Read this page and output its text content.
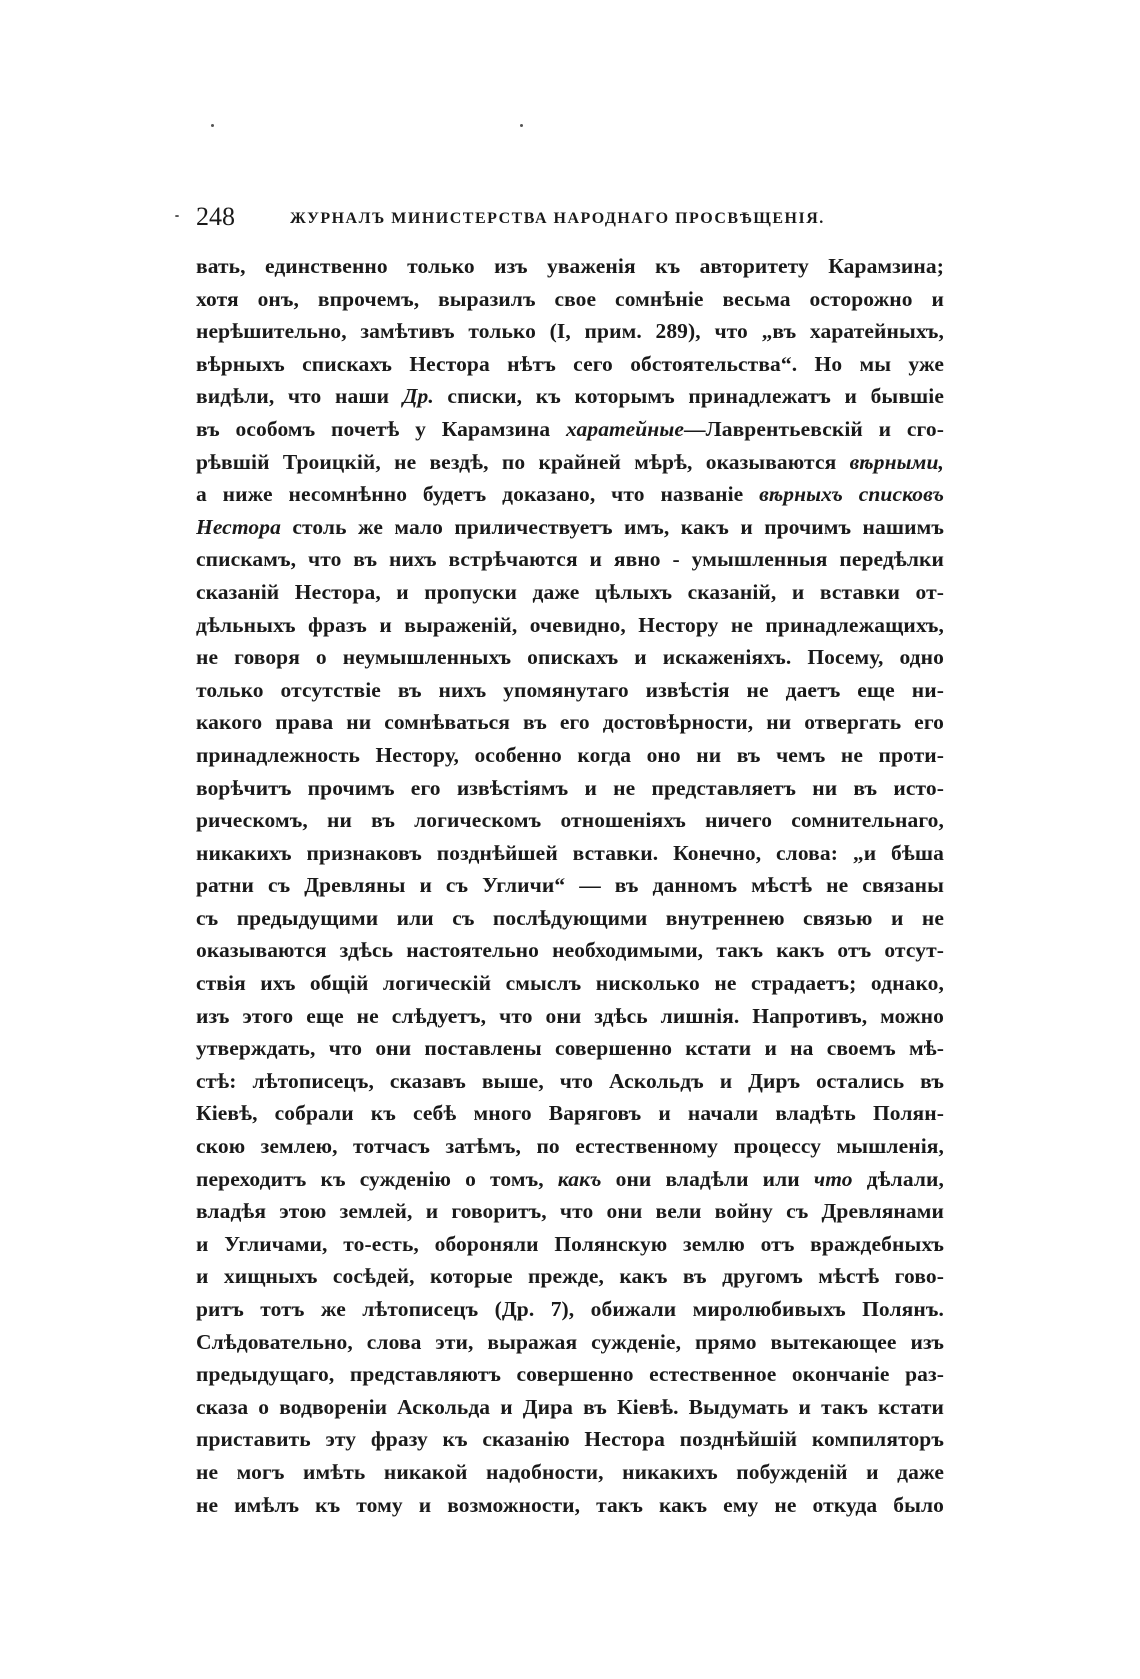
248	ЖУРНАЛЪ МИНИСТЕРСТВА НАРОДНАГО ПРОСВѢЩЕНІЯ.
вать, единственно только изъ уваженія къ авторитету Карамзина;
хотя онъ, впрочемъ, выразилъ свое сомнѣніе весьма осторожно и
нерѣшительно, замѣтивъ только (I, прим. 289), что „въ харатейныхъ,
вѣрныхъ спискахъ Нестора нѣтъ сего обстоятельства“. Но мы уже
видѣли, что наши Др. списки, къ которымъ принадлежатъ и бывшіе
въ особомъ почетѣ у Карамзина харатейные—Лаврентьевскій и сго-
рѣвшій Троицкій, не вездѣ, по крайней мѣрѣ, оказываются вѣрными,
а ниже несомнѣнно будетъ доказано, что названіе вѣрныхъ списковъ
Нестора столь же мало приличествуетъ имъ, какъ и прочимъ нашимъ
спискамъ, что въ нихъ встрѣчаются и явно - умышленныя передѣлки
сказаній Нестора, и пропуски даже цѣлыхъ сказаній, и вставки от-
дѣльныхъ фразъ и выраженій, очевидно, Нестору не принадлежащихъ,
не говоря о неумышленныхъ опискахъ и искаженіяхъ. Посему, одно
только отсутствіе въ нихъ упомянутаго извѣстія не даетъ еще ни-
какого права ни сомнѣваться въ его достовѣрности, ни отвергать его
принадлежность Нестору, особенно когда оно ни въ чемъ не проти-
ворѣчитъ прочимъ его извѣстіямъ и не представляетъ ни въ исто-
рическомъ, ни въ логическомъ отношеніяхъ ничего сомнительнаго,
никакихъ признаковъ позднѣйшей вставки. Конечно, слова: „и бѣша
ратни съ Древляны и съ Угличи“ — въ данномъ мѣстѣ не связаны
съ предыдущими или съ послѣдующими внутреннею связью и не
оказываются здѣсь настоятельно необходимыми, такъ какъ отъ отсут-
ствія ихъ общій логическій смыслъ нисколько не страдаетъ; однако,
изъ этого еще не слѣдуетъ, что они здѣсь лишнія. Напротивъ, можно
утверждать, что они поставлены совершенно кстати и на своемъ мѣ-
стѣ: лѣтописецъ, сказавъ выше, что Аскольдъ и Диръ остались въ
Кіевѣ, собрали къ себѣ много Варяговъ и начали владѣть Полян-
скою землею, тотчасъ затѣмъ, по естественному процессу мышленія,
переходитъ къ сужденію о томъ, какъ они владѣли или что дѣлали,
владѣя этою землей, и говоритъ, что они вели войну съ Древлянами
и Угличами, то-есть, обороняли Полянскую землю отъ враждебныхъ
и хищныхъ сосѣдей, которые прежде, какъ въ другомъ мѣстѣ гово-
ритъ тотъ же лѣтописецъ (Др. 7), обижали миролюбивыхъ Полянъ.
Слѣдовательно, слова эти, выражая сужденіе, прямо вытекающее изъ
предыдущаго, представляютъ совершенно естественное окончаніе раз-
сказа о водвореніи Аскольда и Дира въ Кіевѣ. Выдумать и такъ кстати
приставить эту фразу къ сказанію Нестора позднѣйшій компиляторъ
не могъ имѣть никакой надобности, никакихъ побужденій и даже
не имѣлъ къ тому и возможности, такъ какъ ему не откуда было
